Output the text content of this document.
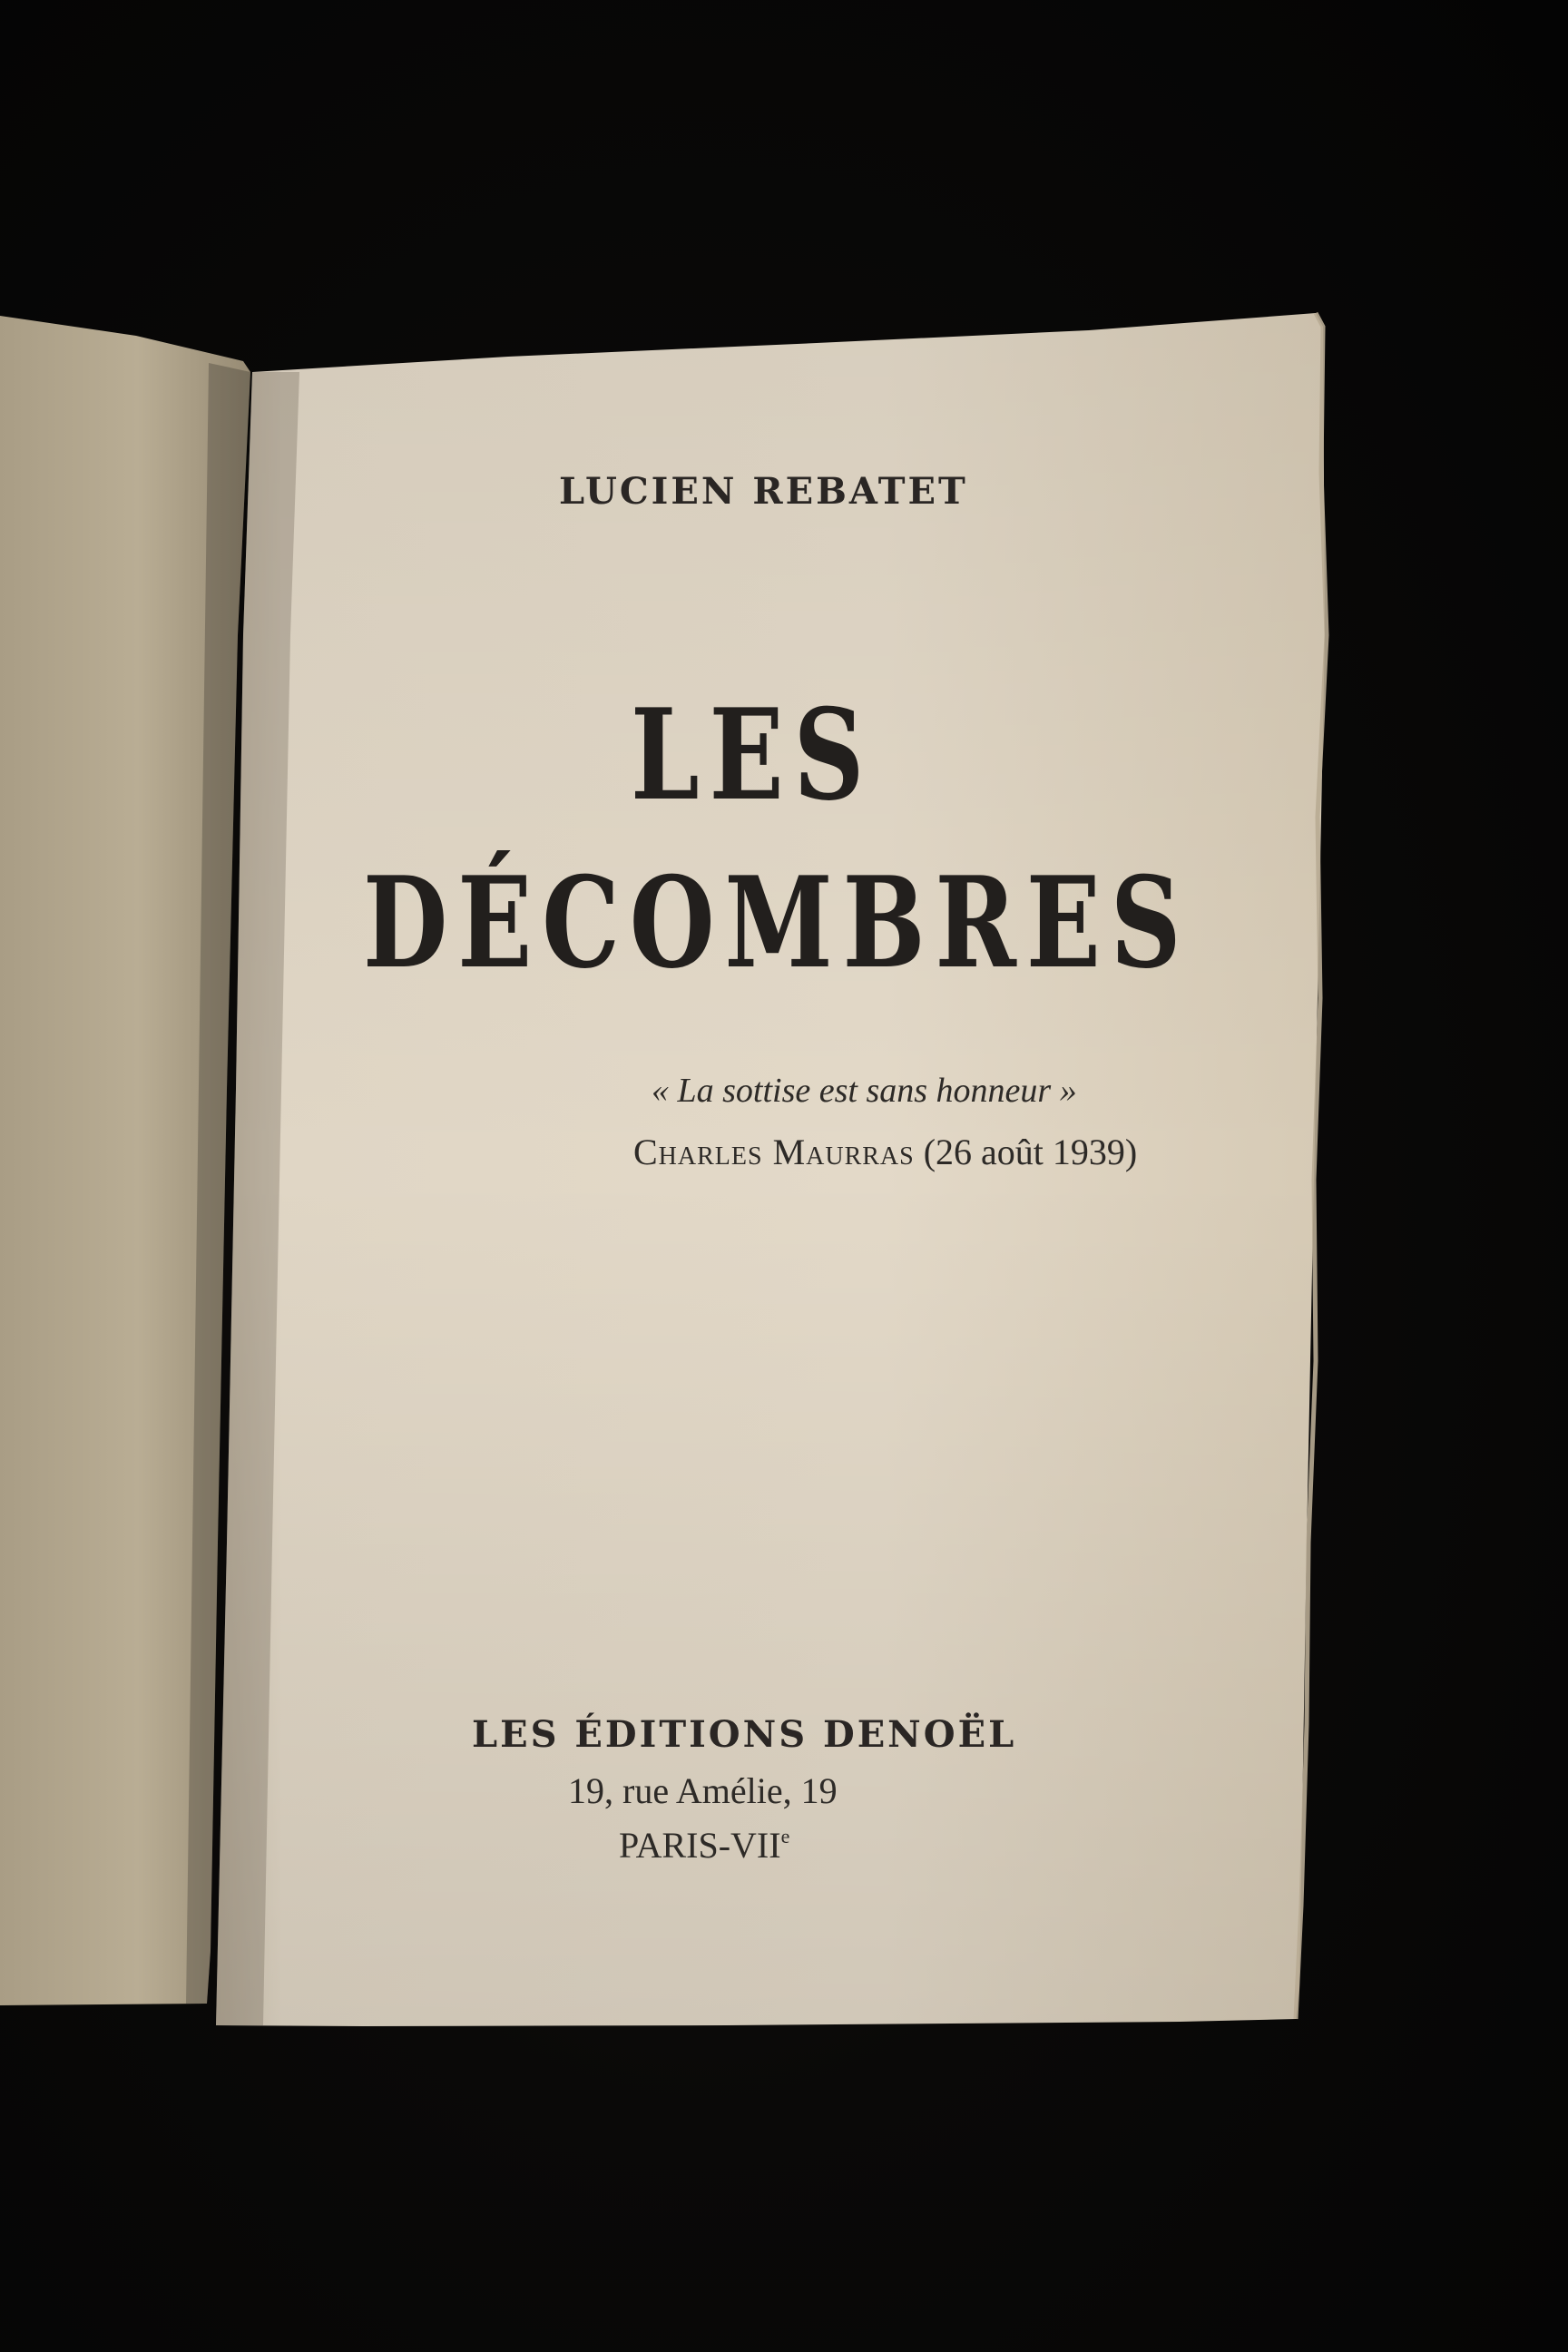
LUCIEN REBATET
LES
DÉCOMBRES
« La sottise est sans honneur »
Charles Maurras (26 août 1939)
LES ÉDITIONS DENOËL
19, rue Amélie, 19
PARIS-VIIe
